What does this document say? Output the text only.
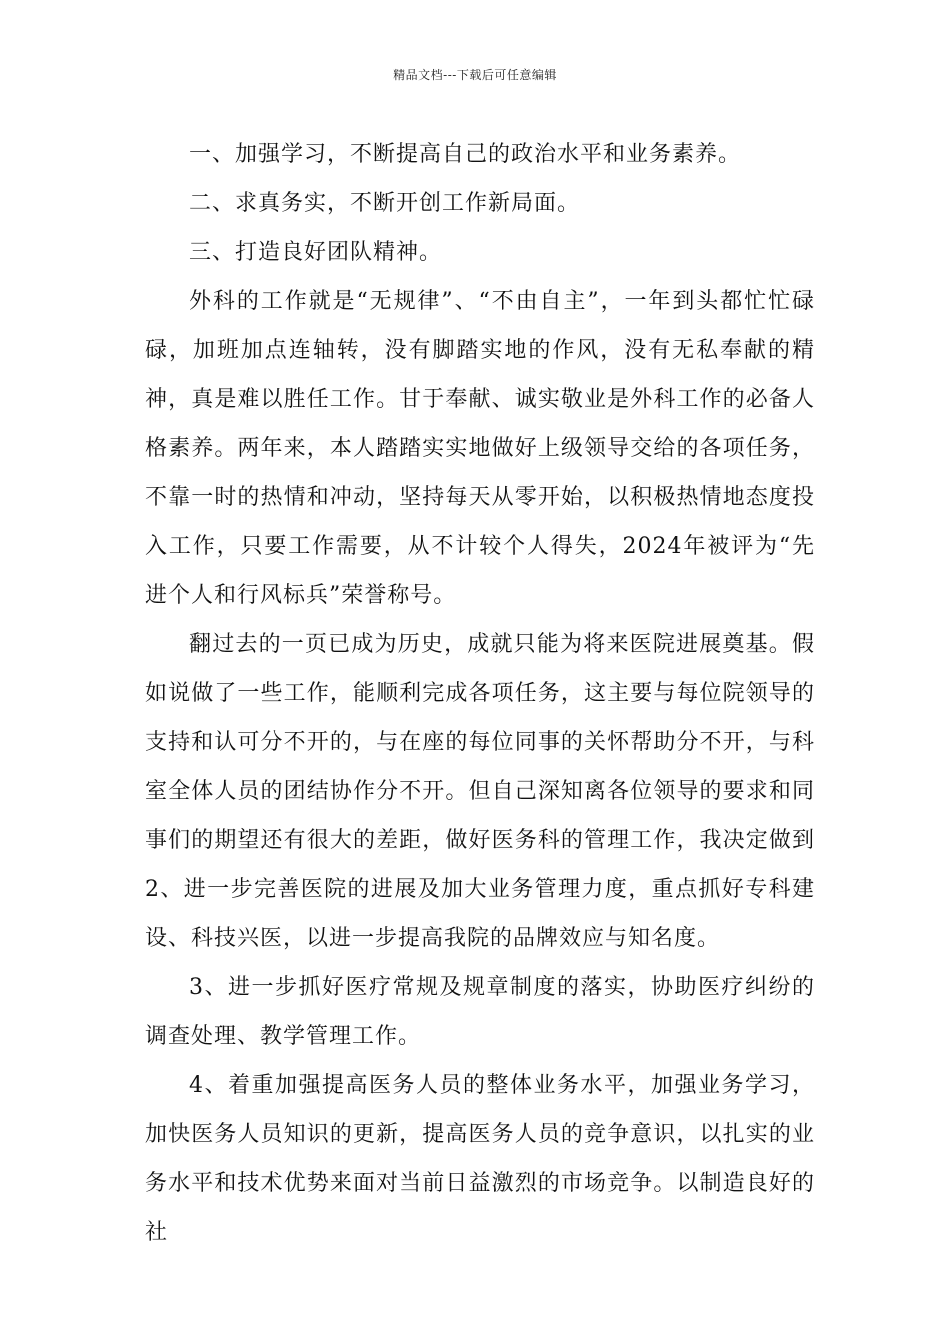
精品文档---下载后可任意编辑

一、加强学习，不断提高自己的政治水平和业务素养。

二、求真务实，不断开创工作新局面。

三、打造良好团队精神。

外科的工作就是“无规律”、“不由自主”，一年到头都忙忙碌碌，加班加点连轴转，没有脚踏实地的作风，没有无私奉献的精神，真是难以胜任工作。甘于奉献、诚实敬业是外科工作的必备人格素养。两年来，本人踏踏实实地做好上级领导交给的各项任务，不靠一时的热情和冲动，坚持每天从零开始，以积极热情地态度投入工作，只要工作需要，从不计较个人得失，2024年被评为“先进个人和行风标兵”荣誉称号。

翻过去的一页已成为历史，成就只能为将来医院进展奠基。假如说做了一些工作，能顺利完成各项任务，这主要与每位院领导的支持和认可分不开的，与在座的每位同事的关怀帮助分不开，与科室全体人员的团结协作分不开。但自己深知离各位领导的要求和同事们的期望还有很大的差距，做好医务科的管理工作，我决定做到2、进一步完善医院的进展及加大业务管理力度，重点抓好专科建设、科技兴医，以进一步提高我院的品牌效应与知名度。

3、进一步抓好医疗常规及规章制度的落实，协助医疗纠纷的调查处理、教学管理工作。

4、着重加强提高医务人员的整体业务水平，加强业务学习，加快医务人员知识的更新，提高医务人员的竞争意识，以扎实的业务水平和技术优势来面对当前日益激烈的市场竞争。以制造良好的社
